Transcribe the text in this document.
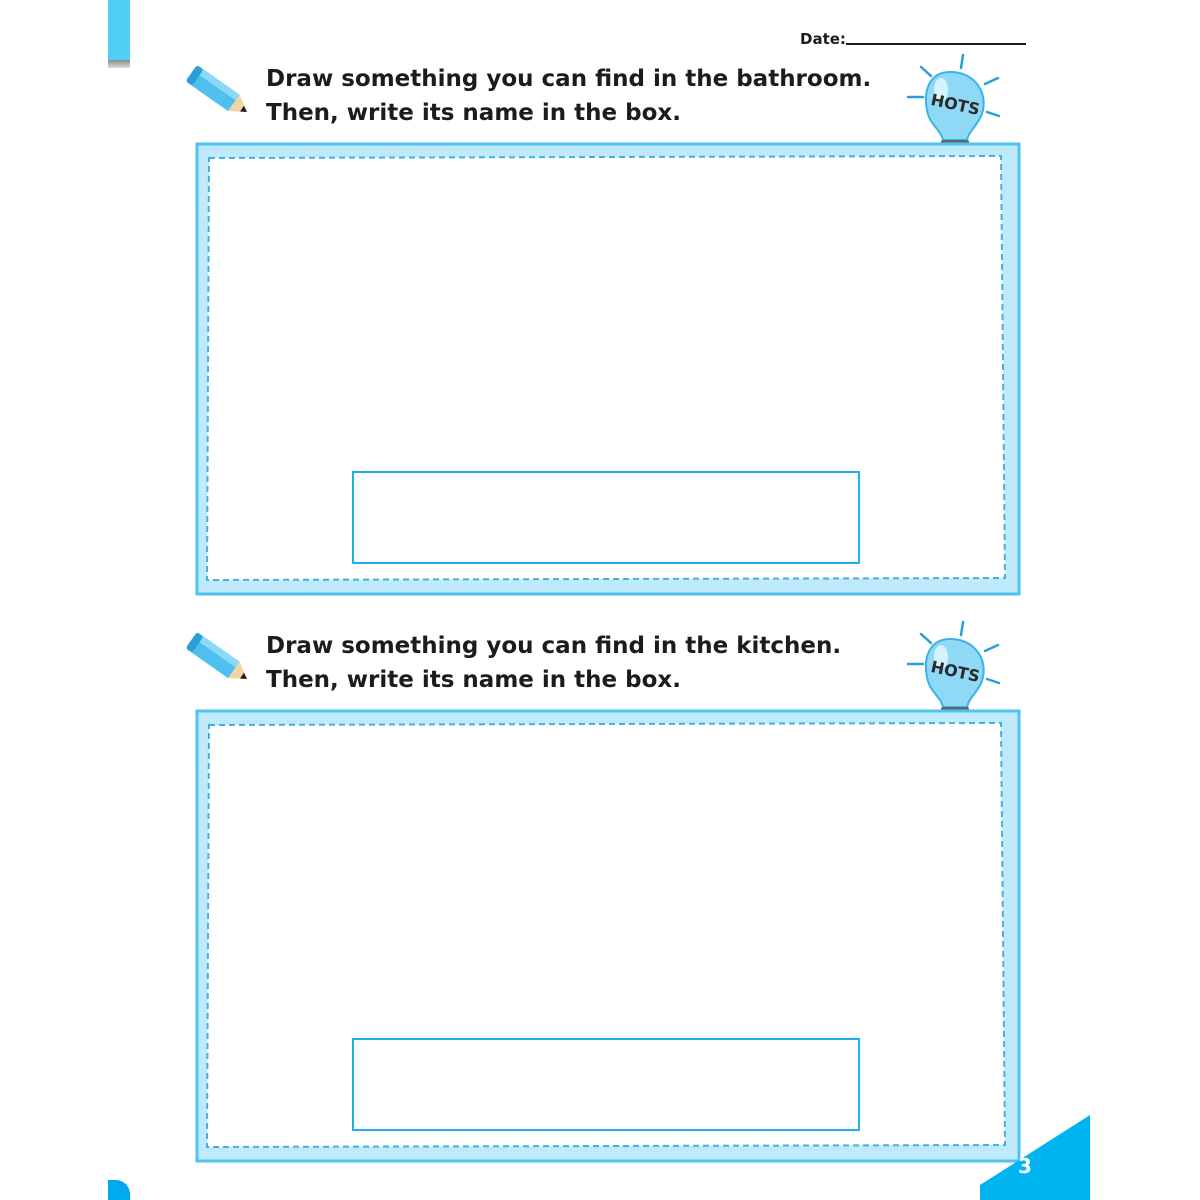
Date:
Draw something you can find in the bathroom.
Then, write its name in the box.	HOTS
Draw something you can find in the kitchen.
Then, write its name in the box.	HOTS
3
